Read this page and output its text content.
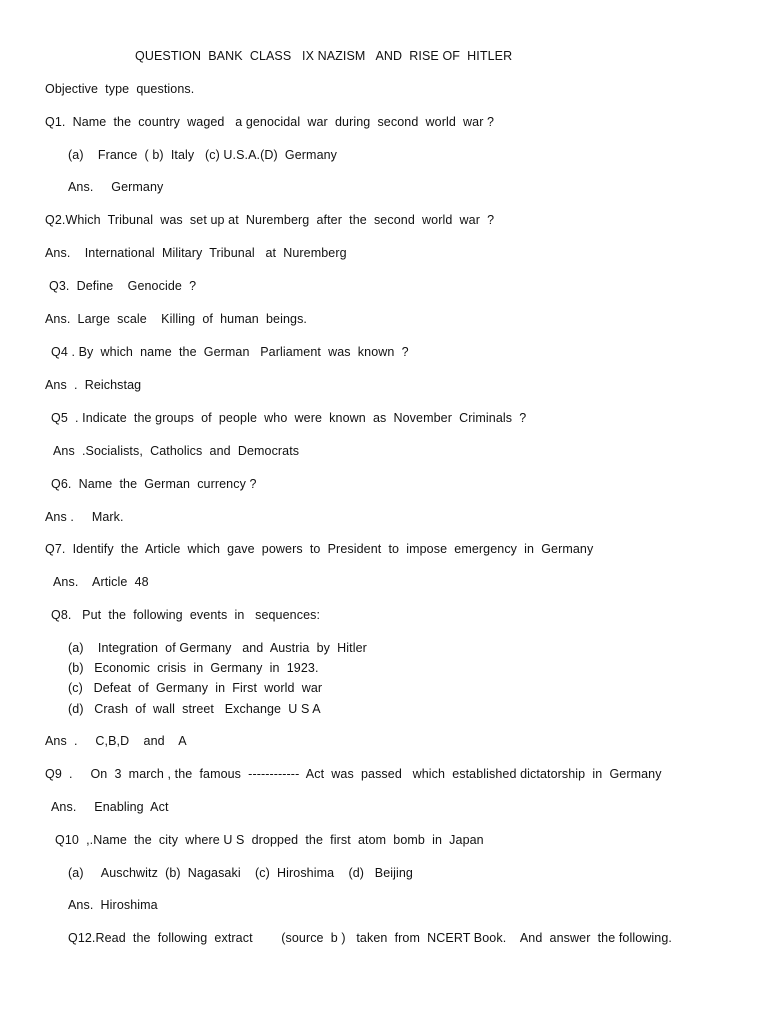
QUESTION  BANK  CLASS   IX NAZISM   AND  RISE OF  HITLER
Objective  type  questions.
Q1.  Name  the  country  waged   a genocidal  war  during  second  world  war ?
(a)    France  ( b)  Italy   (c) U.S.A.(D)  Germany
Ans.     Germany
Q2.Which  Tribunal  was  set up at  Nuremberg  after  the  second  world  war  ?
Ans.    International  Military  Tribunal   at  Nuremberg
Q3.  Define    Genocide  ?
Ans.  Large  scale    Killing  of  human  beings.
Q4 . By  which  name  the  German   Parliament  was  known  ?
Ans  .  Reichstag
Q5  . Indicate  the groups  of  people  who  were  known  as  November  Criminals  ?
Ans  .Socialists,  Catholics  and  Democrats
Q6.  Name  the  German  currency ?
Ans .     Mark.
Q7.  Identify  the  Article  which  gave  powers  to  President  to  impose  emergency  in  Germany
Ans.    Article  48
Q8.   Put  the  following  events  in   sequences:
(a)    Integration  of Germany   and  Austria  by  Hitler
(b)   Economic  crisis  in  Germany  in  1923.
(c)   Defeat  of  Germany  in  First  world  war
(d)   Crash  of  wall  street   Exchange  U S A
Ans  .     C,B,D    and    A
Q9  .     On  3  march , the  famous  ------------  Act  was  passed   which  established dictatorship  in  Germany
Ans.     Enabling  Act
Q10  ,.Name  the  city  where U S  dropped  the  first  atom  bomb  in  Japan
(a)     Auschwitz  (b)  Nagasaki    (c)  Hiroshima    (d)   Beijing
Ans.  Hiroshima
Q12.Read  the  following  extract        (source  b )   taken  from  NCERT Book.    And  answer  the following.
